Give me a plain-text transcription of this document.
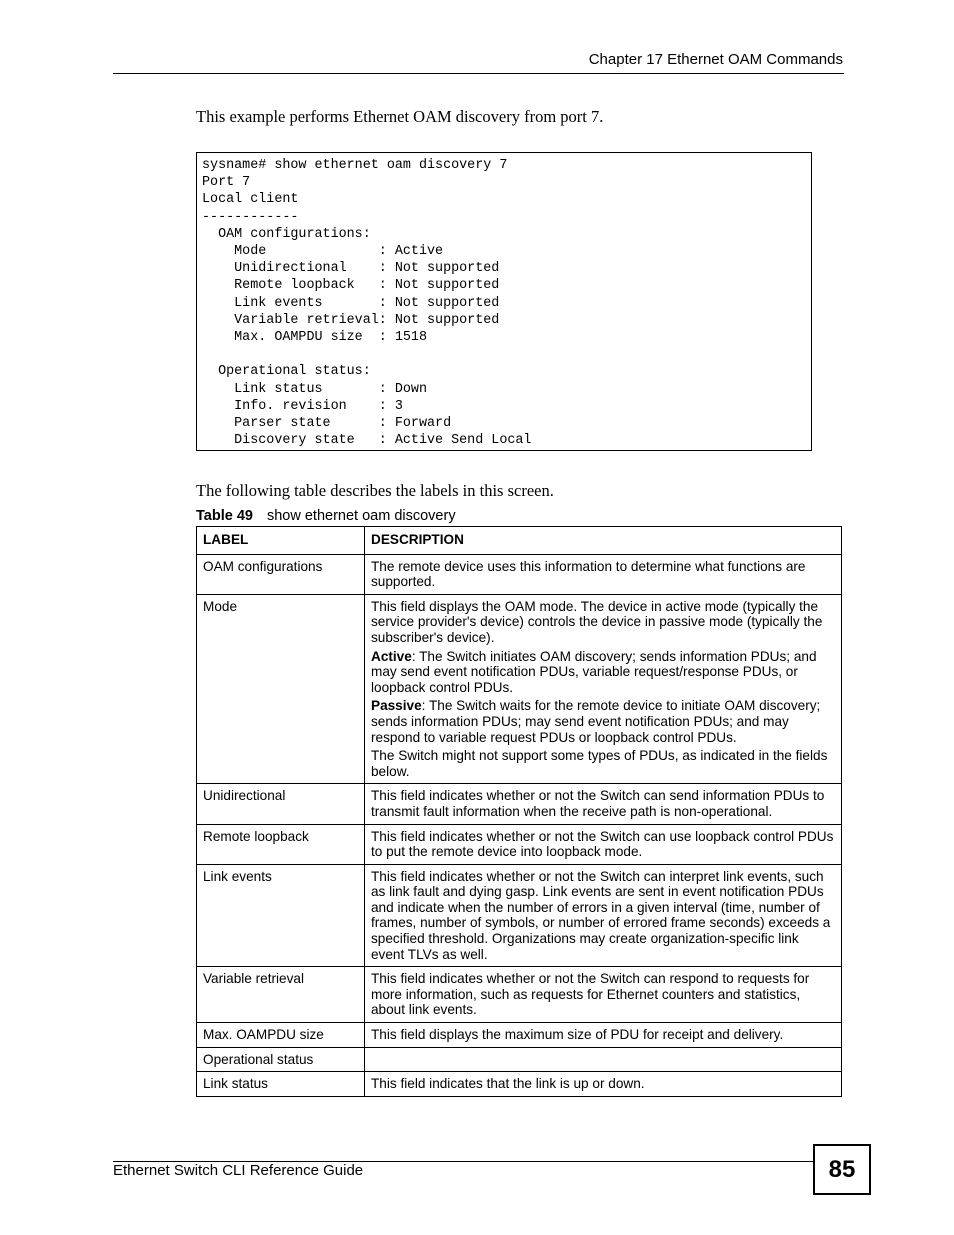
Chapter 17 Ethernet OAM Commands
This example performs Ethernet OAM discovery from port 7.
sysname# show ethernet oam discovery 7
Port 7
Local client
------------
OAM configurations:
Mode              : Active
Unidirectional    : Not supported
Remote loopback   : Not supported
Link events       : Not supported
Variable retrieval: Not supported
Max. OAMPDU size  : 1518

Operational status:
Link status       : Down
Info. revision    : 3
Parser state      : Forward
Discovery state   : Active Send Local
The following table describes the labels in this screen.
Table 49 show ethernet oam discovery
LABEL	DESCRIPTION
OAM configurations	The remote device uses this information to determine what functions are supported.

Mode	This field displays the OAM mode. The device in active mode (typically the service provider's device) controls the device in passive mode (typically the subscriber's device).

Active: The Switch initiates OAM discovery; sends information PDUs; and may send event notification PDUs, variable request/response PDUs, or loopback control PDUs.

Passive: The Switch waits for the remote device to initiate OAM discovery; sends information PDUs; may send event notification PDUs; and may respond to variable request PDUs or loopback control PDUs.

The Switch might not support some types of PDUs, as indicated in the fields below.

Unidirectional	This field indicates whether or not the Switch can send information PDUs to transmit fault information when the receive path is non-operational.

Remote loopback	This field indicates whether or not the Switch can use loopback control PDUs to put the remote device into loopback mode.

Link events	This field indicates whether or not the Switch can interpret link events, such as link fault and dying gasp. Link events are sent in event notification PDUs and indicate when the number of errors in a given interval (time, number of frames, number of symbols, or number of errored frame seconds) exceeds a specified threshold. Organizations may create organization-specific link event TLVs as well.

Variable retrieval	This field indicates whether or not the Switch can respond to requests for more information, such as requests for Ethernet counters and statistics, about link events.

Max. OAMPDU size	This field displays the maximum size of PDU for receipt and delivery.

Operational status	
Link status	This field indicates that the link is up or down.

Ethernet Switch CLI Reference Guide	85
